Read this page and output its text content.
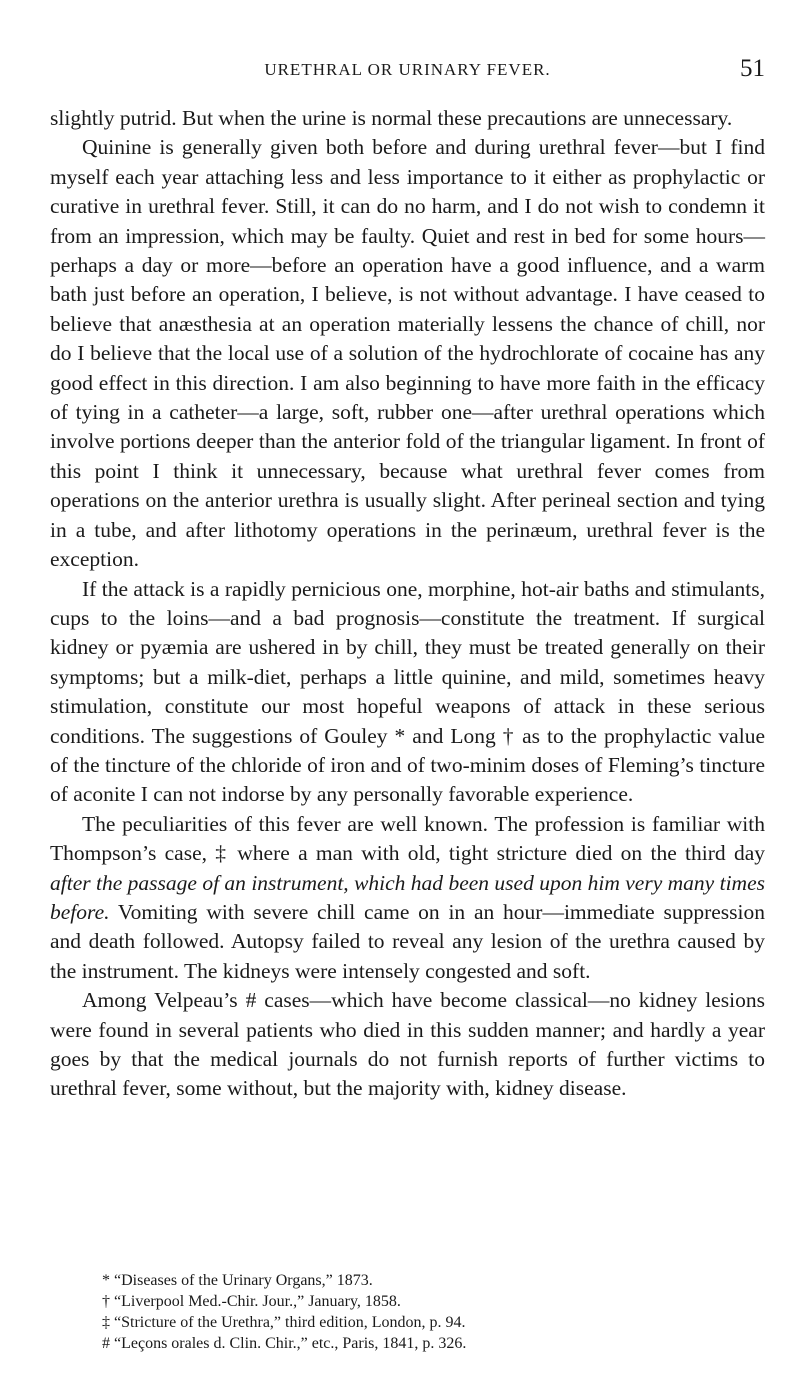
URETHRAL OR URINARY FEVER.	51

slightly putrid. But when the urine is normal these precautions are unnecessary.

Quinine is generally given both before and during urethral fever—but I find myself each year attaching less and less importance to it either as prophylactic or curative in urethral fever. Still, it can do no harm, and I do not wish to condemn it from an impression, which may be faulty. Quiet and rest in bed for some hours—perhaps a day or more—before an operation have a good influence, and a warm bath just before an operation, I believe, is not without advantage. I have ceased to believe that anæsthesia at an operation materially lessens the chance of chill, nor do I believe that the local use of a solution of the hydrochlorate of cocaine has any good effect in this direction. I am also beginning to have more faith in the efficacy of tying in a catheter—a large, soft, rubber one—after urethral operations which involve portions deeper than the anterior fold of the triangular ligament. In front of this point I think it unnecessary, because what urethral fever comes from operations on the anterior urethra is usually slight. After perineal section and tying in a tube, and after lithotomy operations in the perinæum, urethral fever is the exception.

If the attack is a rapidly pernicious one, morphine, hot-air baths and stimulants, cups to the loins—and a bad prognosis—constitute the treatment. If surgical kidney or pyæmia are ushered in by chill, they must be treated generally on their symptoms; but a milk-diet, perhaps a little quinine, and mild, sometimes heavy stimulation, constitute our most hopeful weapons of attack in these serious conditions. The suggestions of Gouley * and Long † as to the prophylactic value of the tincture of the chloride of iron and of two-minim doses of Fleming’s tincture of aconite I can not indorse by any personally favorable experience.

The peculiarities of this fever are well known. The profession is familiar with Thompson’s case, ‡ where a man with old, tight stricture died on the third day after the passage of an instrument, which had been used upon him very many times before. Vomiting with severe chill came on in an hour—immediate suppression and death followed. Autopsy failed to reveal any lesion of the urethra caused by the instrument. The kidneys were intensely congested and soft.

Among Velpeau’s # cases—which have become classical—no kidney lesions were found in several patients who died in this sudden manner; and hardly a year goes by that the medical journals do not furnish reports of further victims to urethral fever, some without, but the majority with, kidney disease.

* “Diseases of the Urinary Organs,” 1873.
† “Liverpool Med.-Chir. Jour.,” January, 1858.
‡ “Stricture of the Urethra,” third edition, London, p. 94.
# “Leçons orales d. Clin. Chir.,” etc., Paris, 1841, p. 326.
